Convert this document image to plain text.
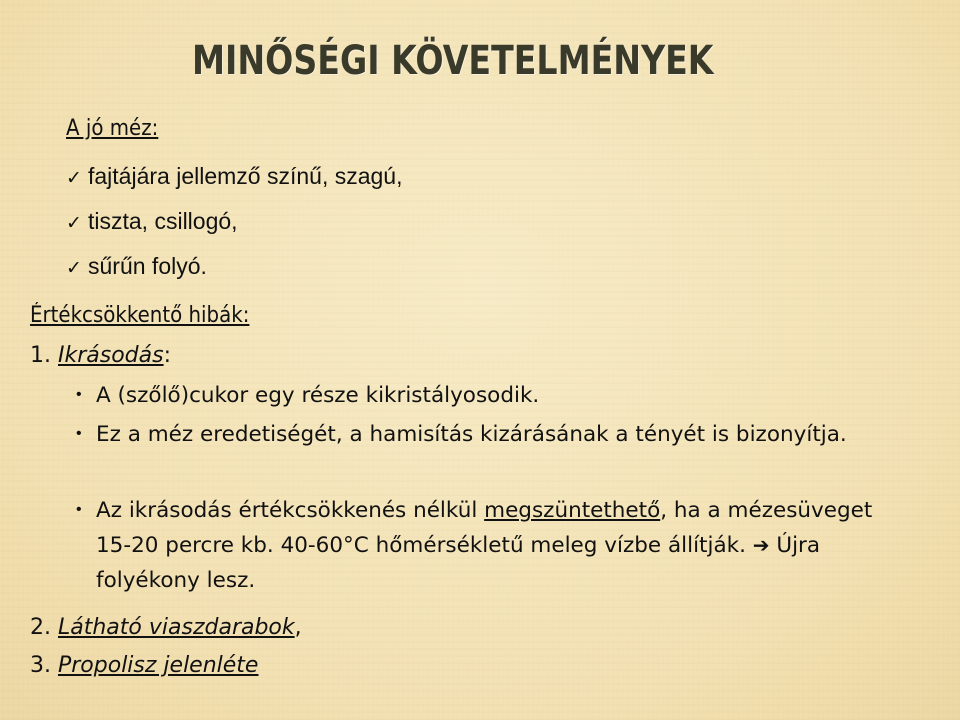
MINŐSÉGI KÖVETELMÉNYEK
A jó méz:
✓ fajtájára jellemző színű, szagú,
✓ tiszta, csillogó,
✓ sűrűn folyó.
Értékcsökkentő hibák:
1. Ikrásodás:
• A (szőlő)cukor egy része kikristályosodik.
• Ez a méz eredetiségét, a hamisítás kizárásának a tényét is bizonyítja.
• Az ikrásodás értékcsökkenés nélkül megszüntethető, ha a mézesüveget 15-20 percre kb. 40-60°C hőmérsékletű meleg vízbe állítják. ➔ Újra folyékony lesz.
2. Látható viaszdarabok,
3. Propolisz jelenléte
